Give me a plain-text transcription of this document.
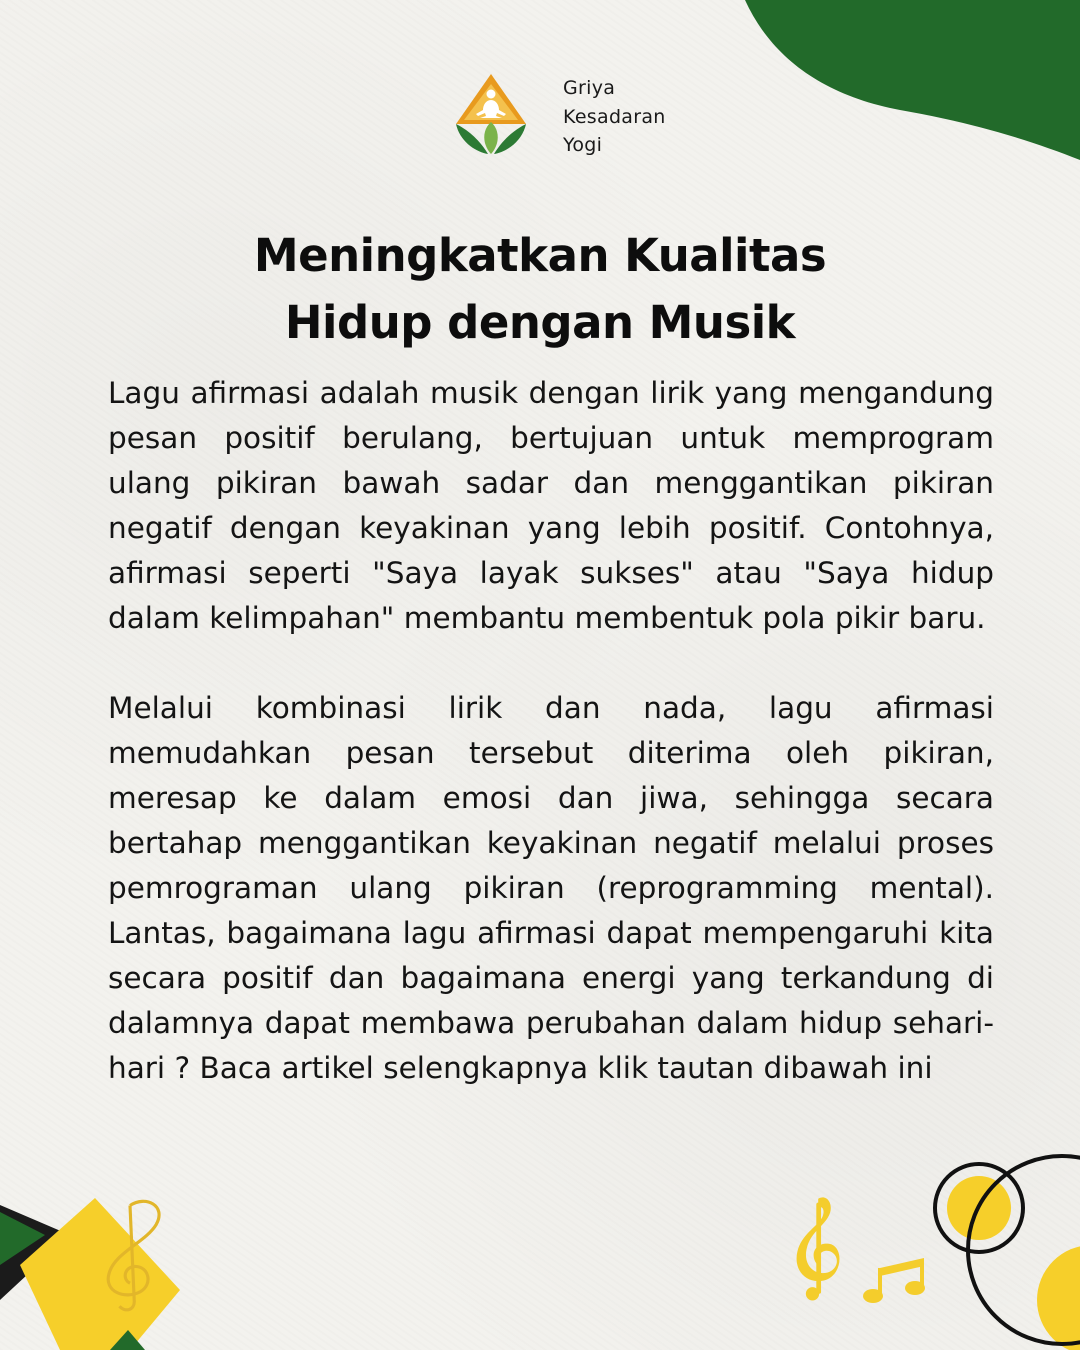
Griya
Kesadaran
Yogi
Meningkatkan Kualitas
Hidup dengan Musik

Lagu afirmasi adalah musik dengan lirik yang mengandung pesan positif berulang, bertujuan untuk memprogram ulang pikiran bawah sadar dan menggantikan pikiran negatif dengan keyakinan yang lebih positif. Contohnya, afirmasi seperti "Saya layak sukses" atau "Saya hidup dalam kelimpahan" membantu membentuk pola pikir baru.

Melalui kombinasi lirik dan nada, lagu afirmasi memudahkan pesan tersebut diterima oleh pikiran, meresap ke dalam emosi dan jiwa, sehingga secara bertahap menggantikan keyakinan negatif melalui proses pemrograman ulang pikiran (reprogramming mental). Lantas, bagaimana lagu afirmasi dapat mempengaruhi kita secara positif dan bagaimana energi yang terkandung di dalamnya dapat membawa perubahan dalam hidup sehari-hari ? Baca artikel selengkapnya klik tautan dibawah ini
